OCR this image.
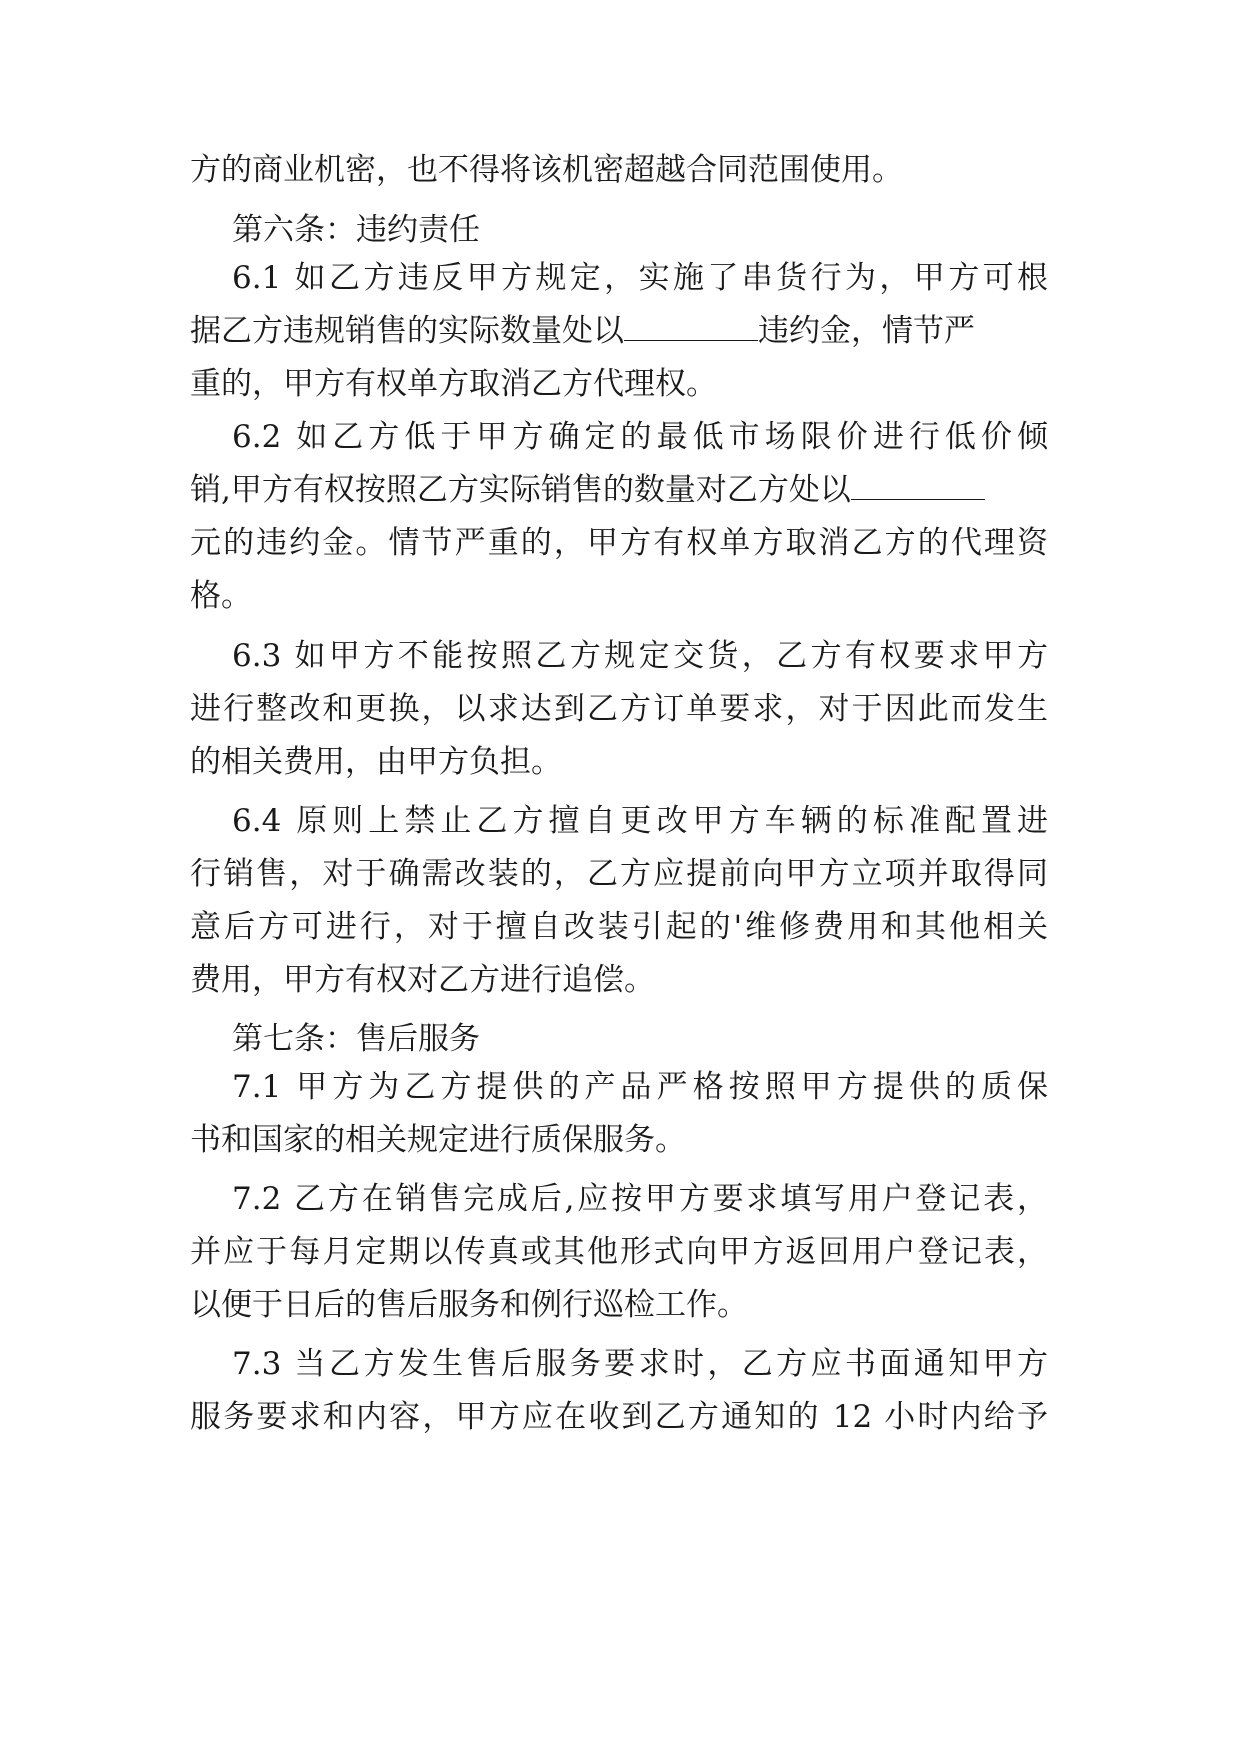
方的商业机密，也不得将该机密超越合同范围使用。

第六条：违约责任

6.1 如乙方违反甲方规定，实施了串货行为，甲方可根

据乙方违规销售的实际数量处以	违约金，情节严

重的，甲方有权单方取消乙方代理权。

6.2 如乙方低于甲方确定的最低市场限价进行低价倾

销,甲方有权按照乙方实际销售的数量对乙方处以

元的违约金。情节严重的，甲方有权单方取消乙方的代理资

格。

6.3 如甲方不能按照乙方规定交货，乙方有权要求甲方

进行整改和更换，以求达到乙方订单要求，对于因此而发生

的相关费用，由甲方负担。

6.4 原则上禁止乙方擅自更改甲方车辆的标准配置进

行销售，对于确需改装的，乙方应提前向甲方立项并取得同

意后方可进行，对于擅自改装引起的'维修费用和其他相关

费用，甲方有权对乙方进行追偿。

第七条：售后服务

7.1 甲方为乙方提供的产品严格按照甲方提供的质保

书和国家的相关规定进行质保服务。

7.2 乙方在销售完成后,应按甲方要求填写用户登记表，

并应于每月定期以传真或其他形式向甲方返回用户登记表，

以便于日后的售后服务和例行巡检工作。

7.3 当乙方发生售后服务要求时，乙方应书面通知甲方

服务要求和内容，甲方应在收到乙方通知的 12 小时内给予
